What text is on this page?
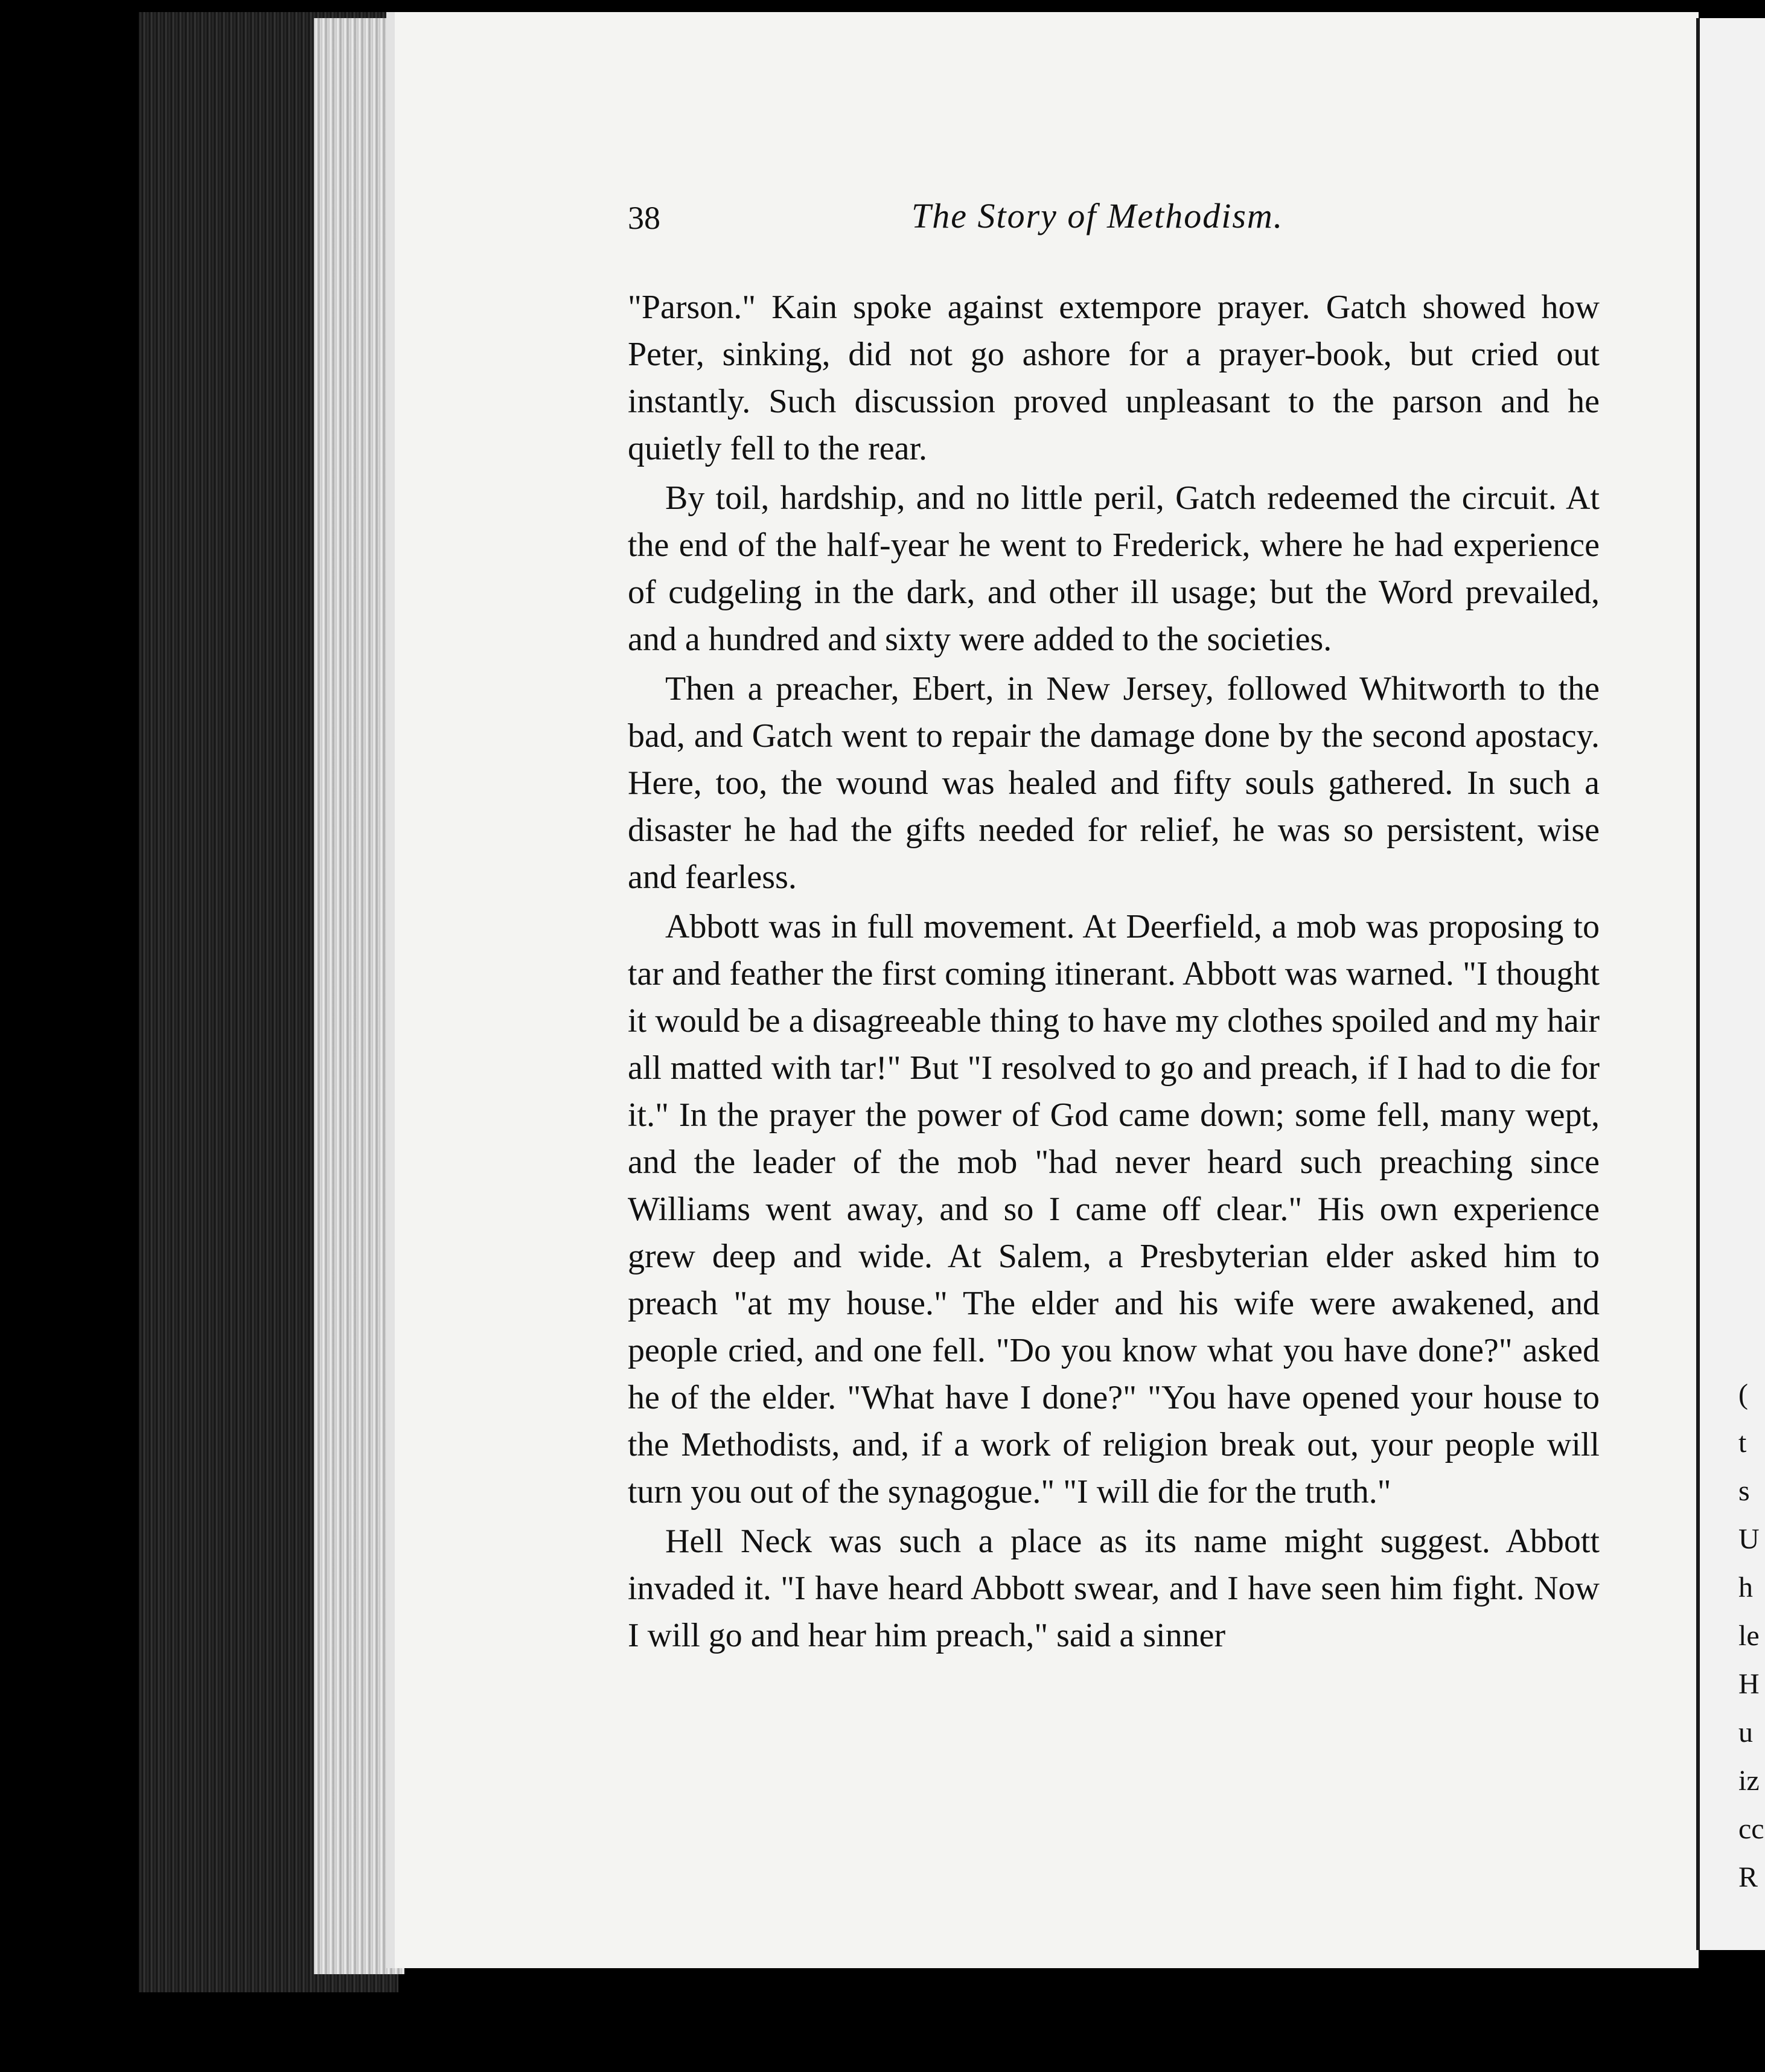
(
t
s
U
h
le
H
u
iz
cc
R
38	The Story of Methodism.

"Parson." Kain spoke against extempore prayer. Gatch showed how Peter, sinking, did not go ashore for a prayer-book, but cried out instantly. Such discussion proved unpleasant to the parson and he quietly fell to the rear.

By toil, hardship, and no little peril, Gatch redeemed the circuit. At the end of the half-year he went to Frederick, where he had experience of cudgeling in the dark, and other ill usage; but the Word prevailed, and a hundred and sixty were added to the societies.

Then a preacher, Ebert, in New Jersey, followed Whitworth to the bad, and Gatch went to repair the damage done by the second apostacy. Here, too, the wound was healed and fifty souls gathered. In such a disaster he had the gifts needed for relief, he was so persistent, wise and fearless.

Abbott was in full movement. At Deerfield, a mob was proposing to tar and feather the first coming itinerant. Abbott was warned. "I thought it would be a disagreeable thing to have my clothes spoiled and my hair all matted with tar!" But "I resolved to go and preach, if I had to die for it." In the prayer the power of God came down; some fell, many wept, and the leader of the mob "had never heard such preaching since Williams went away, and so I came off clear." His own experience grew deep and wide. At Salem, a Presbyterian elder asked him to preach "at my house." The elder and his wife were awakened, and people cried, and one fell. "Do you know what you have done?" asked he of the elder. "What have I done?" "You have opened your house to the Methodists, and, if a work of religion break out, your people will turn you out of the synagogue." "I will die for the truth."

Hell Neck was such a place as its name might suggest. Abbott invaded it. "I have heard Abbott swear, and I have seen him fight. Now I will go and hear him preach," said a sinner
